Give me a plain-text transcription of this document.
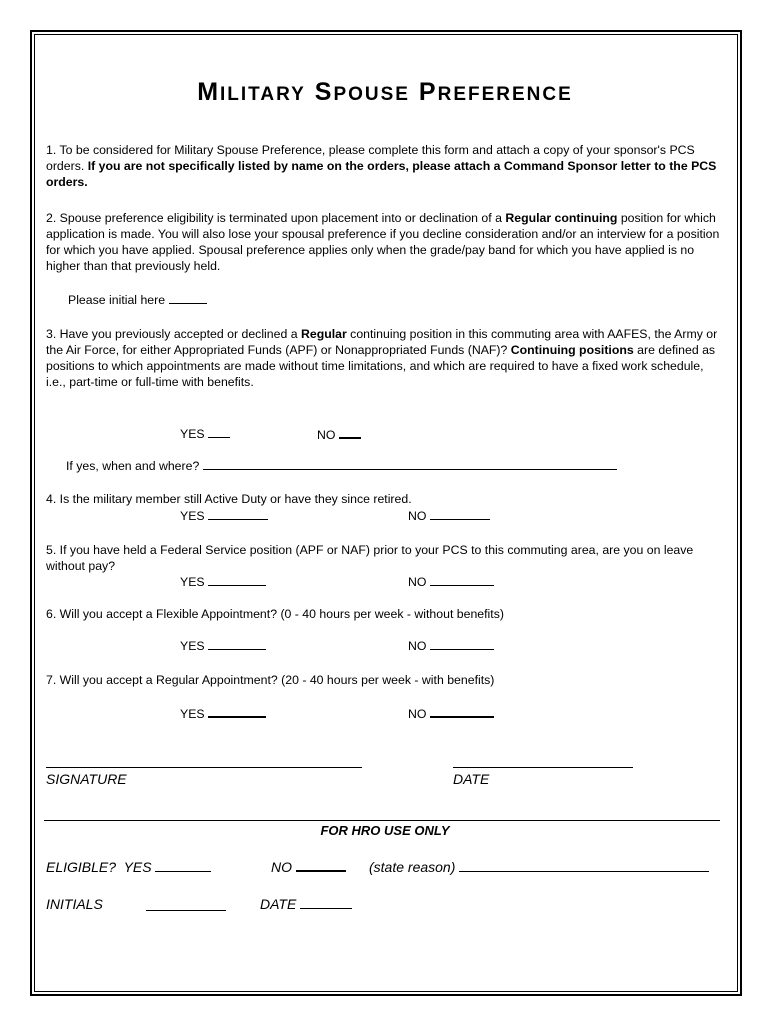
MILITARY SPOUSE PREFERENCE
1. To be considered for Military Spouse Preference, please complete this form and attach a copy of your sponsor's PCS orders. If you are not specifically listed by name on the orders, please attach a Command Sponsor letter to the PCS orders.
2. Spouse preference eligibility is terminated upon placement into or declination of a Regular continuing position for which application is made. You will also lose your spousal preference if you decline consideration and/or an interview for a position for which you have applied. Spousal preference applies only when the grade/pay band for which you have applied is no higher than that previously held.
Please initial here
3. Have you previously accepted or declined a Regular continuing position in this commuting area with AAFES, the Army or the Air Force, for either Appropriated Funds (APF) or Nonappropriated Funds (NAF)? Continuing positions are defined as positions to which appointments are made without time limitations, and which are required to have a fixed work schedule, i.e., part-time or full-time with benefits.
YES	NO
If yes, when and where?
4. Is the military member still Active Duty or have they since retired.
YES	NO
5. If you have held a Federal Service position (APF or NAF) prior to your PCS to this commuting area, are you on leave without pay?
YES	NO
6. Will you accept a Flexible Appointment? (0 - 40 hours per week - without benefits)
YES	NO
7. Will you accept a Regular Appointment? (20 - 40 hours per week - with benefits)
YES	NO
SIGNATURE	DATE
FOR HRO USE ONLY
ELIGIBLE? YES	NO	(state reason)
INITIALS	DATE
